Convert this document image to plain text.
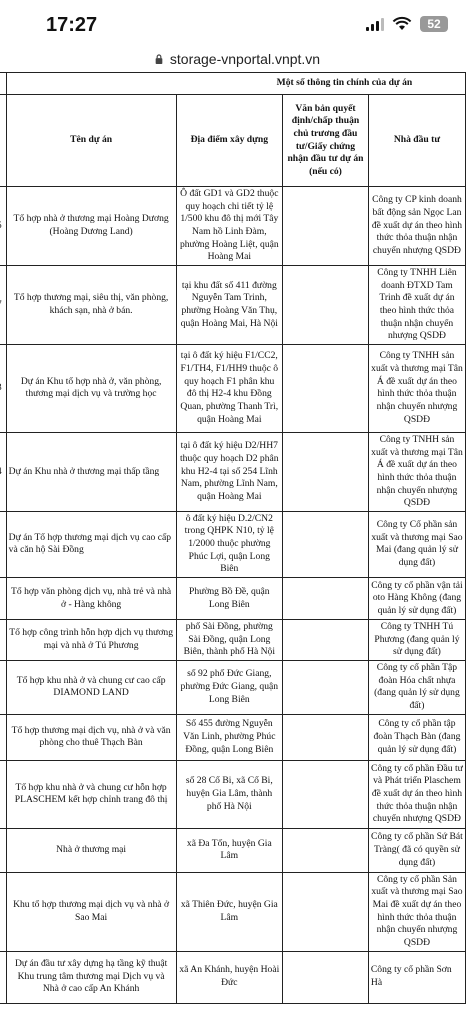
17:27	52
storage-vnportal.vnpt.vn
	Một số thông tin chính của dự án			
	Tên dự án	Địa điểm xây dựng	Văn bản quyết định/chấp thuận chủ trương đầu tư/Giấy chứng nhận đầu tư dự án (nếu có)	Nhà đầu tư
	Tổ hợp nhà ở thương mại Hoàng Dương (Hoàng Dương Land)	Ô đất GD1 và GD2 thuộc quy hoạch chi tiết tỷ lệ 1/500 khu đô thị mới Tây Nam hồ Linh Đàm, phường Hoàng Liệt, quận Hoàng Mai		Công ty CP kinh doanh bất động sản Ngọc Lan đề xuất dự án theo hình thức thỏa thuận nhận chuyển nhượng QSDĐ
	Tổ hợp thương mại, siêu thị, văn phòng, khách sạn, nhà ở bán.	tại khu đất số 411 đường Nguyễn Tam Trinh, phường Hoàng Văn Thụ, quận Hoàng Mai, Hà Nội		Công ty TNHH Liên doanh ĐTXD Tam Trinh đề xuất dự án theo hình thức thỏa thuận nhận chuyển nhượng QSDĐ
	Dự án Khu tổ hợp nhà ở, văn phòng, thương mại dịch vụ và trường học	tại ô đất ký hiệu F1/CC2, F1/TH4, F1/HH9 thuộc ô quy hoạch F1 phân khu đô thị H2-4 khu Đồng Quan, phường Thanh Trì, quận Hoàng Mai		Công ty TNHH sản xuất và thương mại Tân Á đề xuất dự án theo hình thức thỏa thuận nhận chuyển nhượng QSDĐ
	Dự án Khu nhà ở thương mại thấp tầng	tại ô đất ký hiệu D2/HH7 thuộc quy hoạch D2 phân khu H2-4 tại số 254 Lĩnh Nam, phường Lĩnh Nam, quận Hoàng Mai		Công ty TNHH sản xuất và thương mại Tân Á đề xuất dự án theo hình thức thỏa thuận nhận chuyển nhượng QSDĐ
	Dự án Tổ hợp thương mại dịch vụ cao cấp và căn hộ Sài Đồng	ô đất ký hiệu D.2/CN2 trong QHPK N10, tỷ lệ 1/2000 thuộc phường Phúc Lợi, quận Long Biên		Công ty Cổ phần sản xuất và thương mại Sao Mai (đang quản lý sử dụng đất)
	Tổ hợp văn phòng dịch vụ, nhà trẻ và nhà ở - Hàng không	Phường Bồ Đề, quận Long Biên		Công ty cổ phần vận tải oto Hàng Không (đang quản lý sử dụng đất)
	Tổ hợp công trình hỗn hợp dịch vụ thương mại và nhà ở Tú Phương	phố Sài Đồng, phường Sài Đồng, quận Long Biên, thành phố Hà Nội		Công ty TNHH Tú Phương (đang quản lý sử dụng đất)
	Tổ hợp khu nhà ở và chung cư cao cấp DIAMOND LAND	số 92 phố Đức Giang, phường Đức Giang, quận Long Biên		Công ty cổ phần Tập đoàn Hóa chất nhựa (đang quản lý sử dụng đất)
	Tổ hợp thương mại dịch vụ, nhà ở và văn phòng cho thuê Thạch Bàn	Số 455 đường Nguyễn Văn Linh, phường Phúc Đồng, quận Long Biên		Công ty cổ phần tập đoàn Thạch Bàn (đang quản lý sử dụng đất)
	Tổ hợp khu nhà ở và chung cư hỗn hợp PLASCHEM kết hợp chỉnh trang đô thị	số 28 Cổ Bi, xã Cổ Bi, huyện Gia Lâm, thành phố Hà Nội		Công ty cổ phần Đầu tư và Phát triển Plaschem đề xuất dự án theo hình thức thỏa thuận nhận chuyển nhượng QSDĐ
	Nhà ở thương mại	xã Đa Tốn, huyện Gia Lâm		Công ty cổ phần Sứ Bát Tràng( đã có quyền sử dụng đất)
	Khu tổ hợp thương mại dịch vụ và nhà ở Sao Mai	xã Thiên Đức, huyện Gia Lâm		Công ty cổ phần Sản xuất và thương mại Sao Mai đề xuất dự án theo hình thức thỏa thuận nhận chuyển nhượng QSDĐ
	Dự án đầu tư xây dựng hạ tầng kỹ thuật Khu trung tâm thương mại Dịch vụ và Nhà ở cao cấp An Khánh	xã An Khánh, huyện Hoài Đức		Công ty cổ phần Sơn Hà
